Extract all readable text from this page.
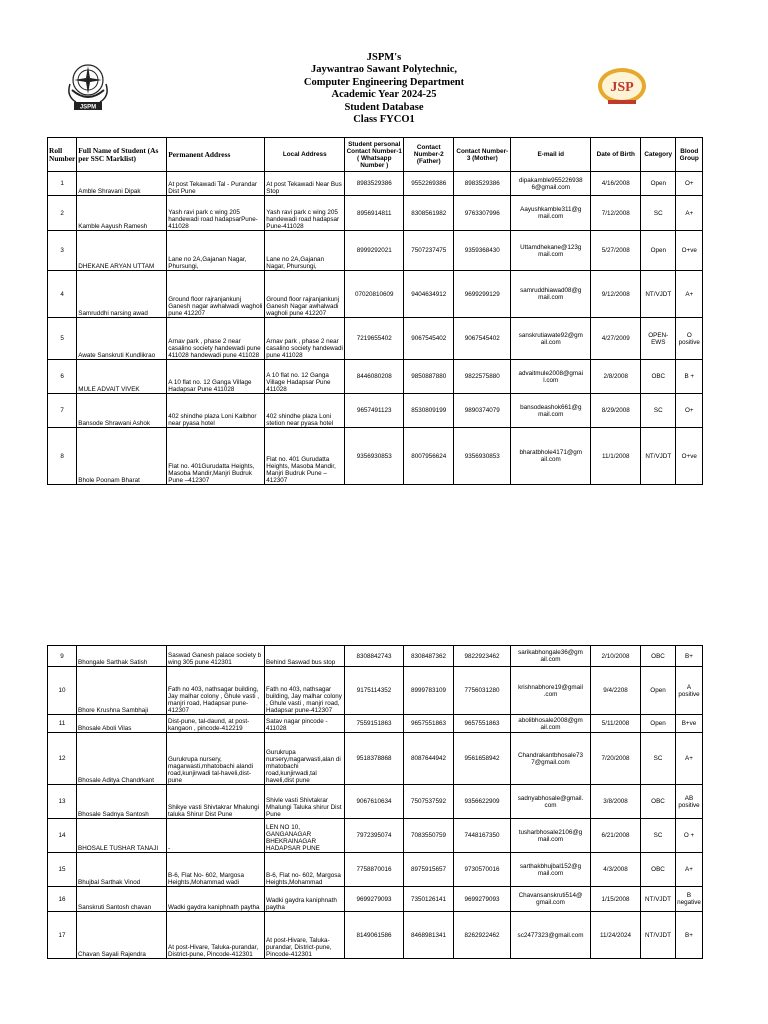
JSPM
JSP
JSPM's
Jaywantrao Sawant Polytechnic,
Computer Engineering Department
Academic Year 2024-25
Student Database
Class FYCO1
Roll Number	Full Name of Student (As per SSC Marklist)	Permanent Address	Local Address	Student personal Contact Number-1 ( Whatsapp Number )	Contact Number-2 (Father)	Contact Number-3 (Mother)	E-mail id	Date of Birth	Category	Blood Group
1	Amble Shravani Dipak	At post Tekawadi Tal - Purandar Dist Pune	At post Tekawadi Near Bus Stop	8983529386	9552269386	8983529386	dipakamble955226938 6@gmail.com	4/16/2008	Open	O+
2	Kamble Aayush Ramesh	Yash ravi park c wing 205 handewadi road hadapsarPune-411028	Yash ravi park c wing 205 handewadi road hadapsar Pune-411028	8956914811	8308561982	9763307996	Aayushkamble311@g mail.com	7/12/2008	SC	A+
3	DHEKANE ARYAN UTTAM	Lane no 2A,Gajanan Nagar, Phursungi,	Lane no 2A,Gajanan Nagar, Phursungi,	8999292021	7507237475	9359368430	Uttamdhekane@123g mail.com	5/27/2008	Open	O+ve
4	Samruddhi narsing awad	Ground floor rajranjankunj Ganesh nagar awhalwadi wagholi pune 412207	Ground floor rajranjankunj Ganesh Nagar awhalwadi wagholi pune 412207	07020810609	9404634912	9699299129	samruddhiawad08@g mail.com	9/12/2008	NT/VJDT	A+
5	Awate Sanskruti Kundlikrao	Arnav park , phase 2 near casalino society handewadi pune 411028 handewadi pune 411028	Arnav park , phase 2 near casalino society handewadi pune 411028	7219655402	9067545402	9067545402	sanskrutiawate92@gm ail.com	4/27/2009	OPEN-EWS	O positive
6	MULE ADVAIT VIVEK	A 10 flat no. 12 Ganga Village Hadapsar Pune 411028	A 10 flat no. 12 Ganga Village Hadapsar Pune 411028	8446080208	9850887880	9822575880	advaitmule2008@gmai l.com	2/8/2008	OBC	B +
7	Bansode Shrawani Ashok	402 shindhe plaza Loni Kalbhor near pyasa hotel	402 shindhe plaza Loni stetion near pyasa hotel	9657491123	8530809199	9890374079	bansodeashok661@g mail.com	8/29/2008	SC	O+
8	Bhole Poonam Bharat	Flat no. 401Gurudatta Heights, Masoba Mandir,Manjri Budruk Pune –412307	Flat no. 401 Gurudatta Heights, Masoba Mandir, Manjri Budruk Pune –412307	9356930853	8007956624	9356930853	bharatbhole4171@gm ail.com	11/1/2008	NT/VJDT	O+ve
9	Bhongale Sarthak Satish	Saswad Ganesh palace society b wing 305 pune 412301	Behind Saswad bus stop	8308842743	8308487362	9822923462	sarikabhongale36@gm ail.com	2/10/2008	OBC	B+
10	Bhore Krushna Sambhaji	Fath no 403, nathsagar building, Jay malhar colony , Ghule vasti , manjri road, Hadapsar pune-412307	Fath no 403, nathsagar building, Jay malhar colony , Ghule vasti , manjri road, Hadapsar pune-412307	9175114352	8999783109	7756031280	krishnabhore19@gmail .com	9/4/2208	Open	A positive
11	Bhosale Aboli Vilas	Dist-pune, tal-daund, at post-kangaon , pincode-412219	Satav nagar pincode - 411028	7559151863	9657551863	9657551863	abolibhosale2008@gm ail.com	5/11/2008	Open	B+ve
12	Bhosale Aditya Chandrkant	Gurukrupa nursery, magarwasti,mhatobachi alandi road,kunjirwadi tal-haveli,dist-pune	Gurukrupa nursery,magarwasti,alan di mhatobachi road,kunjirwadi,tal haveli,dist pune	9518378868	8087644942	9561658942	Chandrakantbhosale73 7@gmail.com	7/20/2008	SC	A+
13	Bhosale Sadnya Santosh	Shikye vasti Shivtakrar Mhalungi taluka Shirur Dist Pune	Shivle vasti Shivtakrar Mhalungi Taluka shirur Dist Pune	9067610634	7507537592	9356622909	sadnyabhosale@gmail. com	3/8/2008	OBC	AB positive
14	BHOSALE TUSHAR TANAJI	-	LEN NO 10, GANGANAGAR BHEKRAINAGAR HADAPSAR PUNE	7972395074	7083550759	7448167350	tusharbhosale2106@g mail.com	6/21/2008	SC	O +
15	Bhujbal Sarthak Vinod	B-6, Flat No- 602, Margosa Heights,Mohammad wadi	B-6, Flat no- 602, Margosa Heights,Mohammad	7758870016	8975915657	9730570016	sarthakbhujbal152@g mail.com	4/3/2008	OBC	A+
16	Sanskruti Santosh chavan	Wadki gaydra kaniphnath paytha	Wadki gaydra kaniphnath paytha	9699279093	7350126141	9699279093	Chavansanskruti514@ gmail.com	1/15/2008	NT/VJDT	B negative
17	Chavan Sayali Rajendra	At post-Hivare, Taluka-purandar, District-pune, Pincode-412301	At post-Hivare, Taluka-purandar, District-pune, Pincode-412301	8149061586	8468981341	8262922462	sc2477323@gmail.com	11/24/2024	NT/VJDT	B+
